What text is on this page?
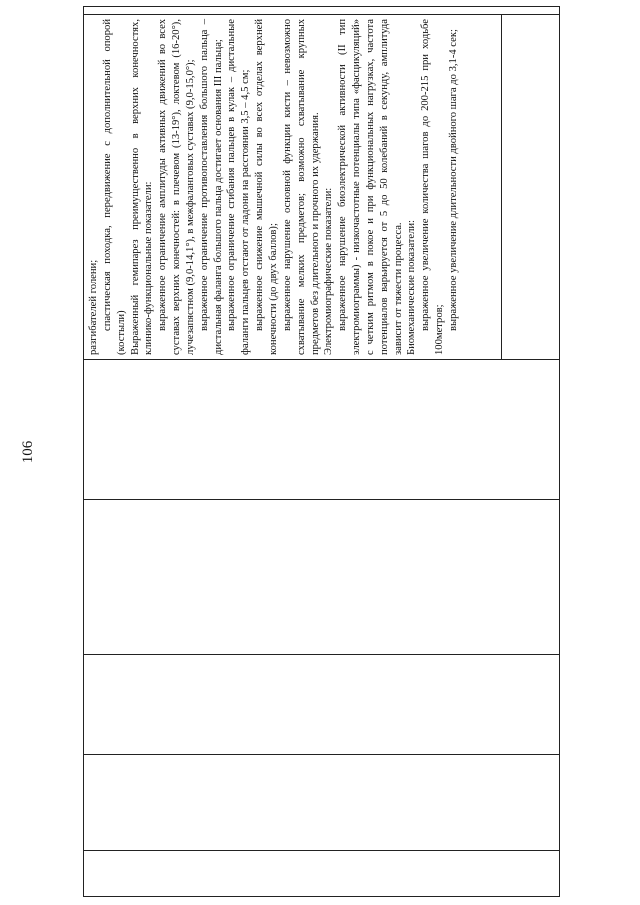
106

разгибателей голени; спастическая походка, передвижение с дополнительной опорой (костыли) Выраженный гемипарез преимущественно в верхних конечностях, клинико-функциональные показатели: выраженное ограничение амплитуды активных движений во всех суставах верхних конечностей: в плечевом (13-19°), локтевом (16-20°), лучезапястном (9,0-14,1°), в межфаланговых суставах (9,0-15,0°); выраженное ограничение противопоставления большого пальца – дистальная фаланга большого пальца достигает основания III пальца; выраженное ограничение сгибания пальцев в кулак – дистальные фаланги пальцев отстают от ладони на расстоянии 3,5 – 4,5 см; выраженное снижение мышечной силы во всех отделах верхней конечности (до двух баллов); выраженное нарушение основной функции кисти – невозможно схватывание мелких предметов; возможно схватывание крупных предметов без длительного и прочного их удержания. Электромиографические показатели: выраженное нарушение биоэлектрической активности (II тип электромиограммы) - низкочастотные потенциалы типа «фасцикуляций» с четким ритмом в покое и при функциональных нагрузках, частота потенциалов варьируется от 5 до 50 колебаний в секунду, амплитуда зависит от тяжести процесса. Биомеханические показатели: выраженное увеличение количества шагов до 200-215 при ходьбе 100метров; выраженное увеличение длительности двойного шага до 3,1-4 сек;
